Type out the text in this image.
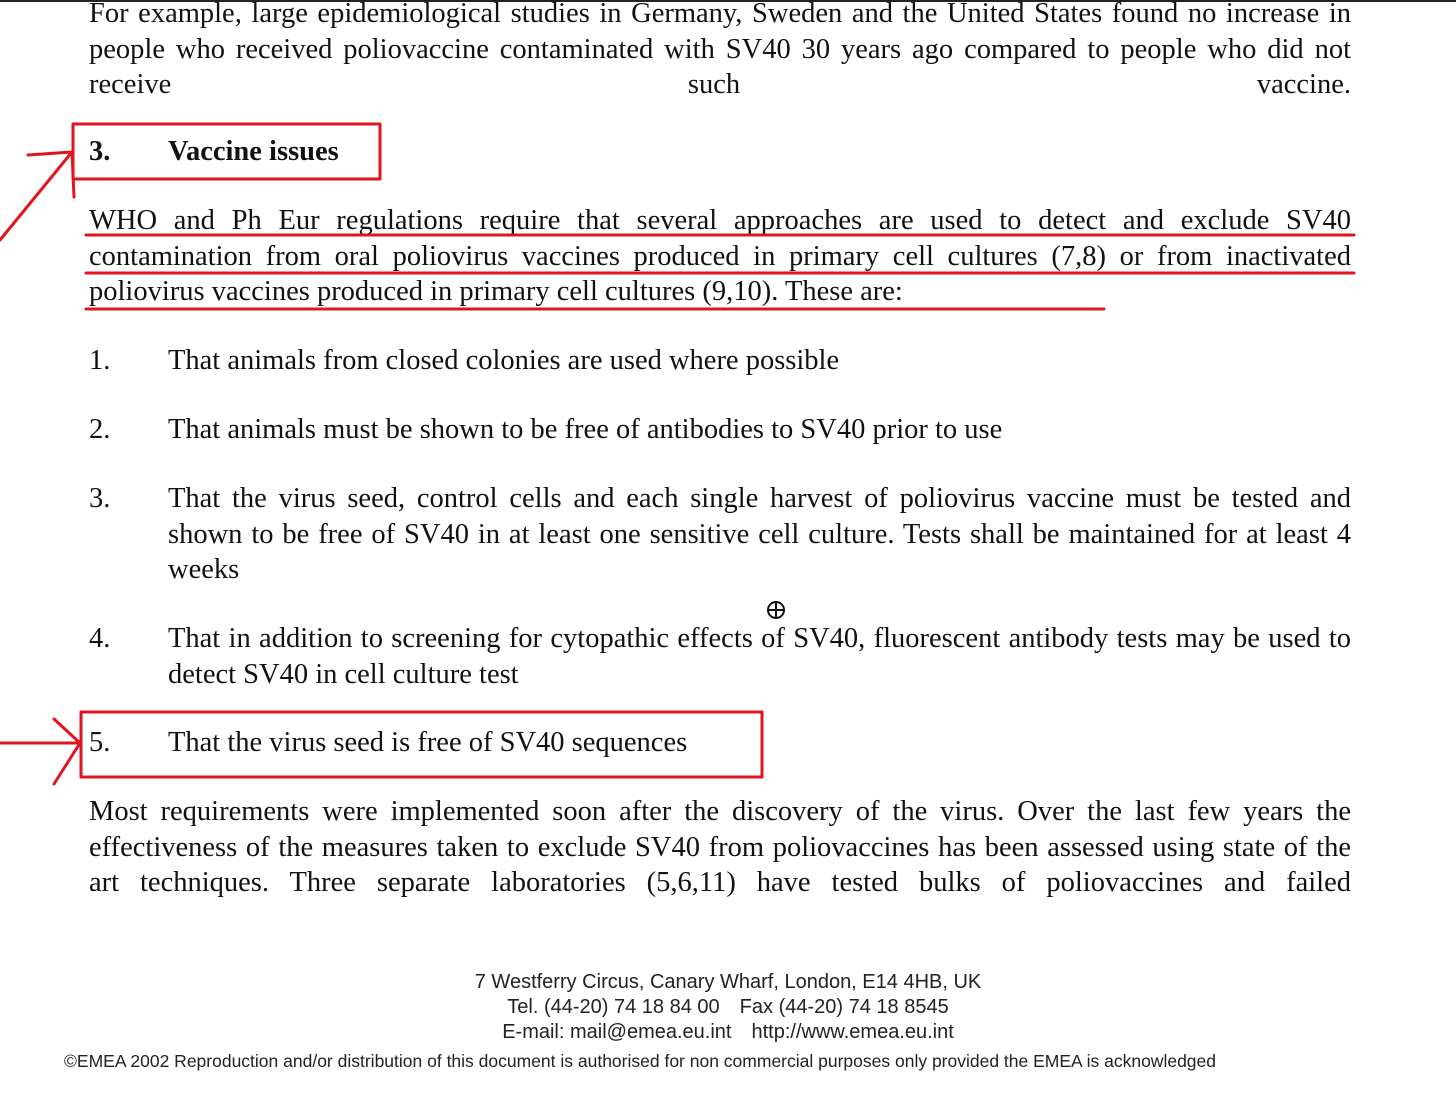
For example, large epidemiological studies in Germany, Sweden and the United States found no increase in people who received poliovaccine contaminated with SV40 30 years ago compared to people who did not receive such vaccine.

3. Vaccine issues

WHO and Ph Eur regulations require that several approaches are used to detect and exclude SV40 contamination from oral poliovirus vaccines produced in primary cell cultures (7,8) or from inactivated poliovirus vaccines produced in primary cell cultures (9,10). These are:

1. That animals from closed colonies are used where possible
2. That animals must be shown to be free of antibodies to SV40 prior to use
3. That the virus seed, control cells and each single harvest of poliovirus vaccine must be tested and shown to be free of SV40 in at least one sensitive cell culture. Tests shall be maintained for at least 4 weeks
4. That in addition to screening for cytopathic effects of SV40, fluorescent antibody tests may be used to detect SV40 in cell culture test
5. That the virus seed is free of SV40 sequences

Most requirements were implemented soon after the discovery of the virus. Over the last few years the effectiveness of the measures taken to exclude SV40 from poliovaccines has been assessed using state of the art techniques. Three separate laboratories (5,6,11) have tested bulks of poliovaccines and failed

7 Westferry Circus, Canary Wharf, London, E14 4HB, UK
Tel. (44-20) 74 18 84 00 Fax (44-20) 74 18 8545
E-mail: mail@emea.eu.int http://www.emea.eu.int
©EMEA 2002 Reproduction and/or distribution of this document is authorised for non commercial purposes only provided the EMEA is acknowledged
